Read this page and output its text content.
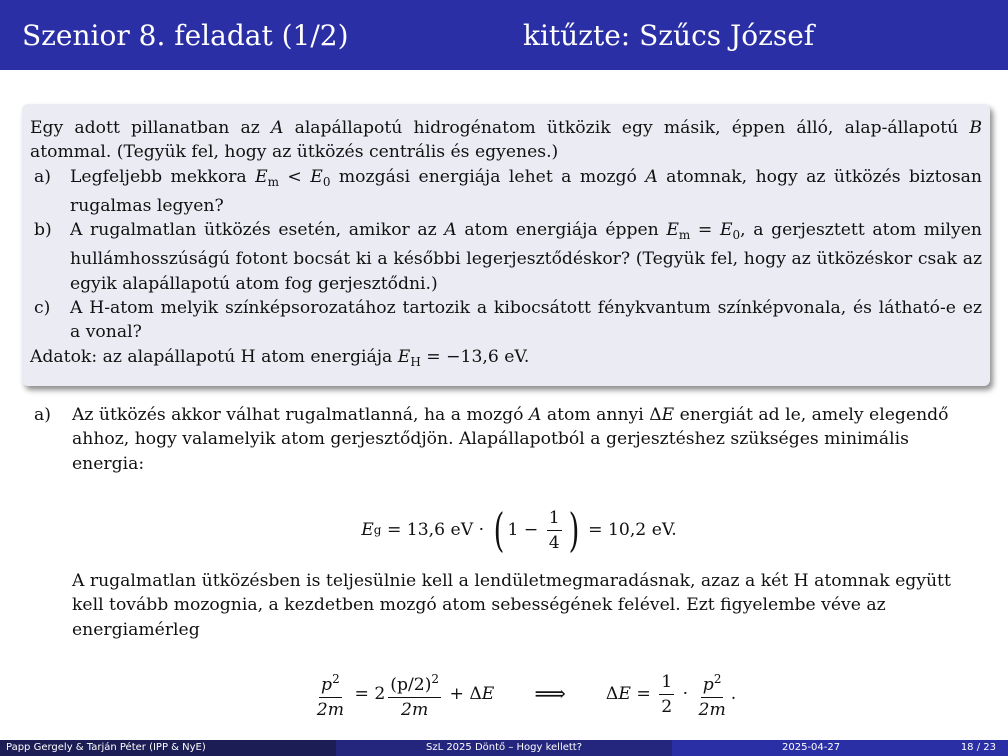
Szenior 8. feladat (1/2)	kitűzte: Szűcs József

Egy adott pillanatban az A alapállapotú hidrogénatom ütközik egy másik, éppen álló, alap-állapotú B atommal. (Tegyük fel, hogy az ütközés centrális és egyenes.)

a)	Legfeljebb mekkora $E_m < E_0$ mozgási energiája lehet a mozgó A atomnak, hogy az ütközés biztosan rugalmas legyen?
b)	A rugalmatlan ütközés esetén, amikor az A atom energiája éppen $E_m = E_0$, a gerjesztett atom milyen hullámhosszúságú fotont bocsát ki a későbbi legerjesztődéskor? (Tegyük fel, hogy az ütközéskor csak az egyik alapállapotú atom fog gerjesztődni.)
c)	A H-atom melyik színképsorozatához tartozik a kibocsátott fénykvantum színképvonala, és látható-e ez a vonal?

Adatok: az alapállapotú H atom energiája $E_H = -13,6$ eV.

a)	Az ütközés akkor válhat rugalmatlanná, ha a mozgó A atom annyi ΔE energiát ad le, amely elegendő ahhoz, hogy valamelyik atom gerjesztődjön. Alapállapotból a gerjesztéshez szükséges minimális energia:
E g = 13,6 eV · ( $1 - \frac{1}{4}$ ) = 10,2 eV.
A rugalmatlan ütközésben is teljesülnie kell a lendületmegmaradásnak, azaz a két H atomnak együtt kell tovább mozognia, a kezdetben mozgó atom sebességének felével. Ezt figyelembe véve az energiamérleg
$\frac{p^2}{2m} = 2 \frac{(p/2)^2}{2m} + \Delta$ E ⟹ Δ $E = \frac{1}{2} \cdot \frac{p^2}{2m}$ .
Papp Gergely & Tarján Péter (IPP & NyE)	SzL 2025 Döntő – Hogy kellett?	2025-04-27	18 / 23
